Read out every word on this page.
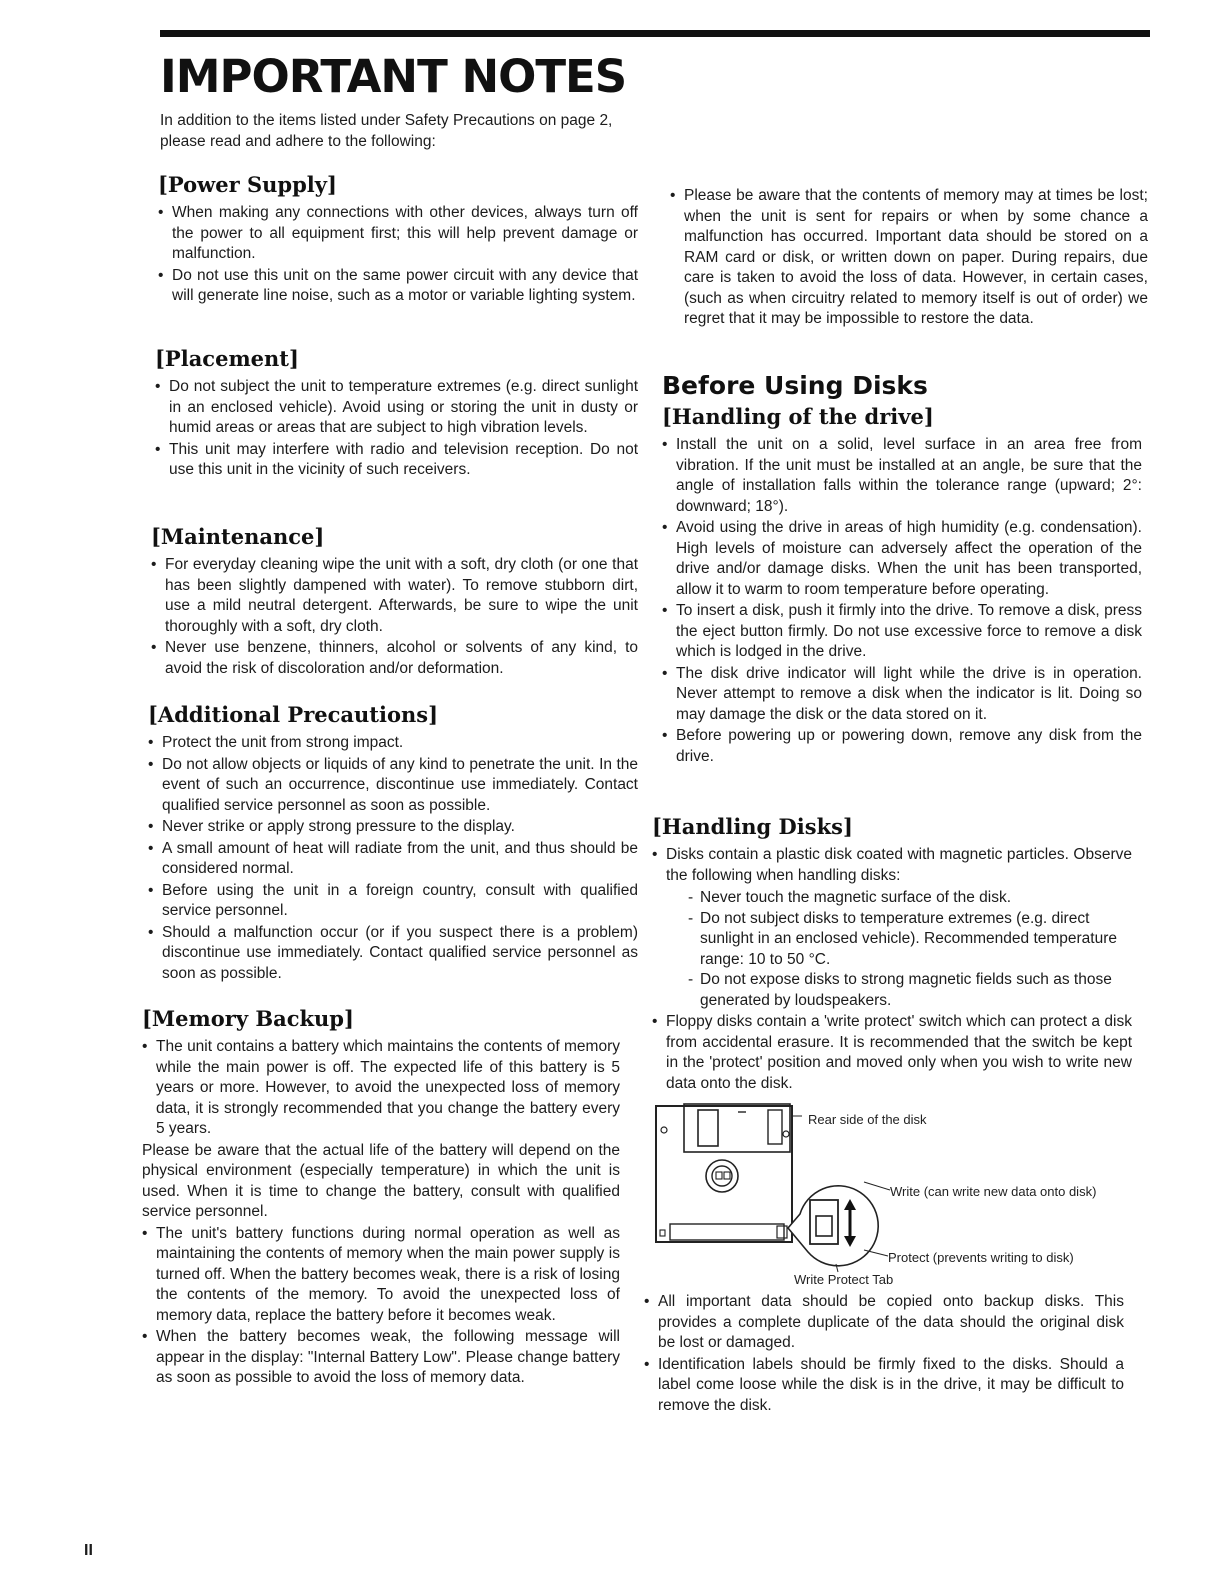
IMPORTANT NOTES

In addition to the items listed under Safety Precautions on page 2, please read and adhere to the following:

[Power Supply]
• When making any connections with other devices, always turn off the power to all equipment first; this will help prevent damage or malfunction.
• Do not use this unit on the same power circuit with any device that will generate line noise, such as a motor or variable lighting system.
[Placement]
• Do not subject the unit to temperature extremes (e.g. direct sunlight in an enclosed vehicle). Avoid using or storing the unit in dusty or humid areas or areas that are subject to high vibration levels.
• This unit may interfere with radio and television reception. Do not use this unit in the vicinity of such receivers.
[Maintenance]
• For everyday cleaning wipe the unit with a soft, dry cloth (or one that has been slightly dampened with water). To remove stubborn dirt, use a mild neutral detergent. Afterwards, be sure to wipe the unit thoroughly with a soft, dry cloth.
• Never use benzene, thinners, alcohol or solvents of any kind, to avoid the risk of discoloration and/or deformation.
[Additional Precautions]
• Protect the unit from strong impact.
• Do not allow objects or liquids of any kind to penetrate the unit. In the event of such an occurrence, discontinue use immediately. Contact qualified service personnel as soon as possible.
• Never strike or apply strong pressure to the display.
• A small amount of heat will radiate from the unit, and thus should be considered normal.
• Before using the unit in a foreign country, consult with qualified service personnel.
• Should a malfunction occur (or if you suspect there is a problem) discontinue use immediately. Contact qualified service personnel as soon as possible.
[Memory Backup]
• The unit contains a battery which maintains the contents of memory while the main power is off. The expected life of this battery is 5 years or more. However, to avoid the unexpected loss of memory data, it is strongly recommended that you change the battery every 5 years.

Please be aware that the actual life of the battery will depend on the physical environment (especially temperature) in which the unit is used. When it is time to change the battery, consult with qualified service personnel.

• The unit's battery functions during normal operation as well as maintaining the contents of memory when the main power supply is turned off. When the battery becomes weak, there is a risk of losing the contents of the memory. To avoid the unexpected loss of memory data, replace the battery before it becomes weak.
• When the battery becomes weak, the following message will appear in the display: "Internal Battery Low". Please change battery as soon as possible to avoid the loss of memory data.
• Please be aware that the contents of memory may at times be lost; when the unit is sent for repairs or when by some chance a malfunction has occurred. Important data should be stored on a RAM card or disk, or written down on paper. During repairs, due care is taken to avoid the loss of data. However, in certain cases, (such as when circuitry related to memory itself is out of order) we regret that it may be impossible to restore the data.
Before Using Disks
[Handling of the drive]
• Install the unit on a solid, level surface in an area free from vibration. If the unit must be installed at an angle, be sure that the angle of installation falls within the tolerance range (upward; 2°: downward; 18°).
• Avoid using the drive in areas of high humidity (e.g. condensation). High levels of moisture can adversely affect the operation of the drive and/or damage disks. When the unit has been transported, allow it to warm to room temperature before operating.
• To insert a disk, push it firmly into the drive. To remove a disk, press the eject button firmly. Do not use excessive force to remove a disk which is lodged in the drive.
• The disk drive indicator will light while the drive is in operation. Never attempt to remove a disk when the indicator is lit. Doing so may damage the disk or the data stored on it.
• Before powering up or powering down, remove any disk from the drive.
[Handling Disks]
• Disks contain a plastic disk coated with magnetic particles. Observe the following when handling disks:
- Never touch the magnetic surface of the disk.
- Do not subject disks to temperature extremes (e.g. direct sunlight in an enclosed vehicle). Recommended temperature range: 10 to 50 °C.
- Do not expose disks to strong magnetic fields such as those generated by loudspeakers.
• Floppy disks contain a 'write protect' switch which can protect a disk from accidental erasure. It is recommended that the switch be kept in the 'protect' position and moved only when you wish to write new data onto the disk.
Rear side of the disk
Write (can write new data onto disk)
Protect (prevents writing to disk)
Write Protect Tab
• All important data should be copied onto backup disks. This provides a complete duplicate of the data should the original disk be lost or damaged.
• Identification labels should be firmly fixed to the disks. Should a label come loose while the disk is in the drive, it may be difficult to remove the disk.

II
